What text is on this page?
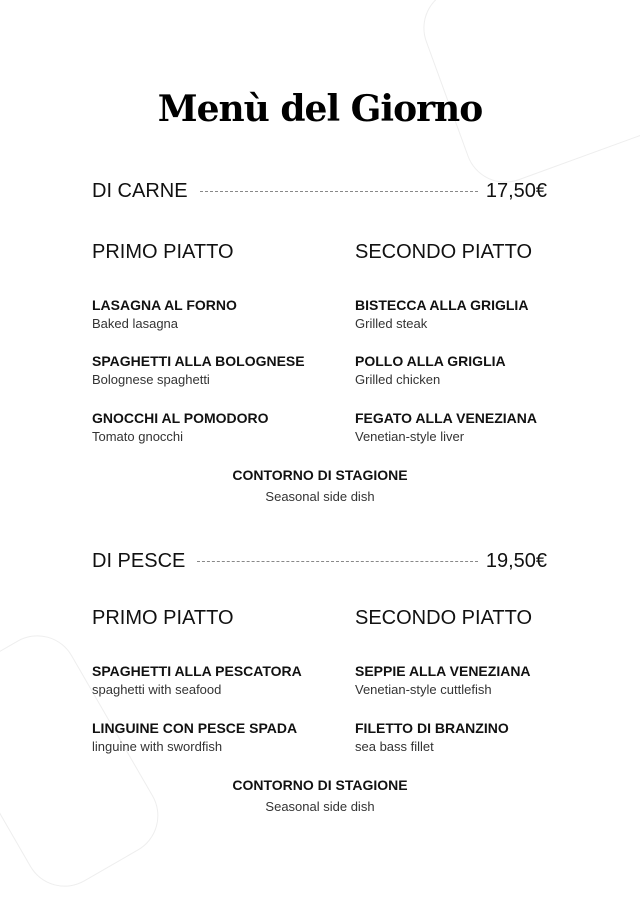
Menù del Giorno
DI CARNE	17,50€
PRIMO PIATTO	SECONDO PIATTO
LASAGNA AL FORNO
Baked lasagna
SPAGHETTI ALLA BOLOGNESE
Bolognese spaghetti
GNOCCHI AL POMODORO
Tomato gnocchi
BISTECCA ALLA GRIGLIA
Grilled steak
POLLO ALLA GRIGLIA
Grilled chicken
FEGATO ALLA VENEZIANA
Venetian-style liver
CONTORNO DI STAGIONE
Seasonal side dish
DI PESCE	19,50€
PRIMO PIATTO	SECONDO PIATTO
SPAGHETTI ALLA PESCATORA
spaghetti with seafood
LINGUINE CON PESCE SPADA
linguine with swordfish
SEPPIE ALLA VENEZIANA
Venetian-style cuttlefish
FILETTO DI BRANZINO
sea bass fillet
CONTORNO DI STAGIONE
Seasonal side dish
